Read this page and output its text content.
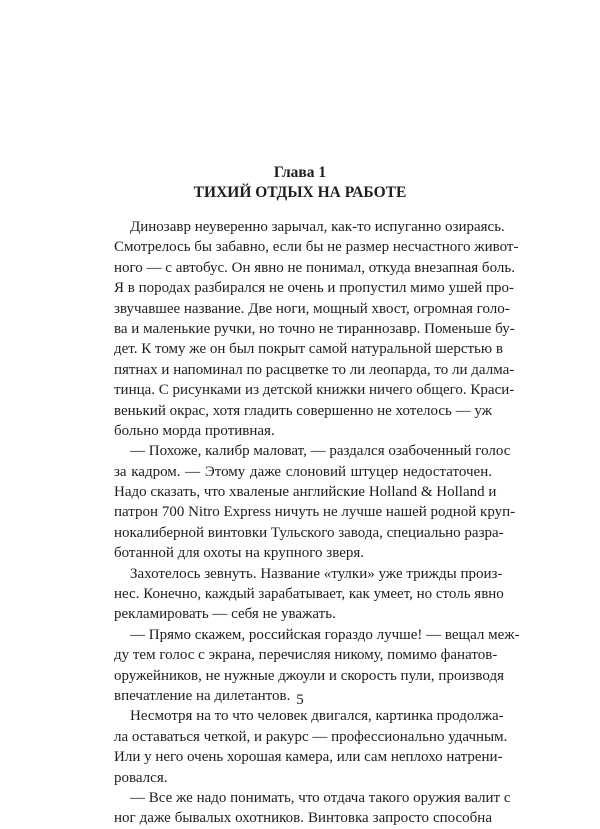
Глава 1
ТИХИЙ ОТДЫХ НА РАБОТЕ
Динозавр неуверенно зарычал, как-то испуганно озираясь.
Смотрелось бы забавно, если бы не размер несчастного живот-
ного — с автобус. Он явно не понимал, откуда внезапная боль.
Я в породах разбирался не очень и пропустил мимо ушей про-
звучавшее название. Две ноги, мощный хвост, огромная голо-
ва и маленькие ручки, но точно не тираннозавр. Поменьше бу-
дет. К тому же он был покрыт самой натуральной шерстью в
пятнах и напоминал по расцветке то ли леопарда, то ли далма-
тинца. С рисунками из детской книжки ничего общего. Краси-
венький окрас, хотя гладить совершенно не хотелось — уж
больно морда противная.
— Похоже, калибр маловат, — раздался озабоченный голос
за кадром. — Этому даже слоновий штуцер недостаточен.
Надо сказать, что хваленые английские Holland & Holland и
патрон 700 Nitro Express ничуть не лучше нашей родной круп-
нокалиберной винтовки Тульского завода, специально разра-
ботанной для охоты на крупного зверя.
Захотелось зевнуть. Название «тулки» уже трижды произ-
нес. Конечно, каждый зарабатывает, как умеет, но столь явно
рекламировать — себя не уважать.
— Прямо скажем, российская гораздо лучше! — вещал меж-
ду тем голос с экрана, перечисляя никому, помимо фанатов-
оружейников, не нужные джоули и скорость пули, производя
впечатление на дилетантов.
Несмотря на то что человек двигался, картинка продолжа-
ла оставаться четкой, и ракурс — профессионально удачным.
Или у него очень хорошая камера, или сам неплохо натрени-
ровался.
— Все же надо понимать, что отдача такого оружия валит с
ног даже бывалых охотников. Винтовка запросто способна
5
